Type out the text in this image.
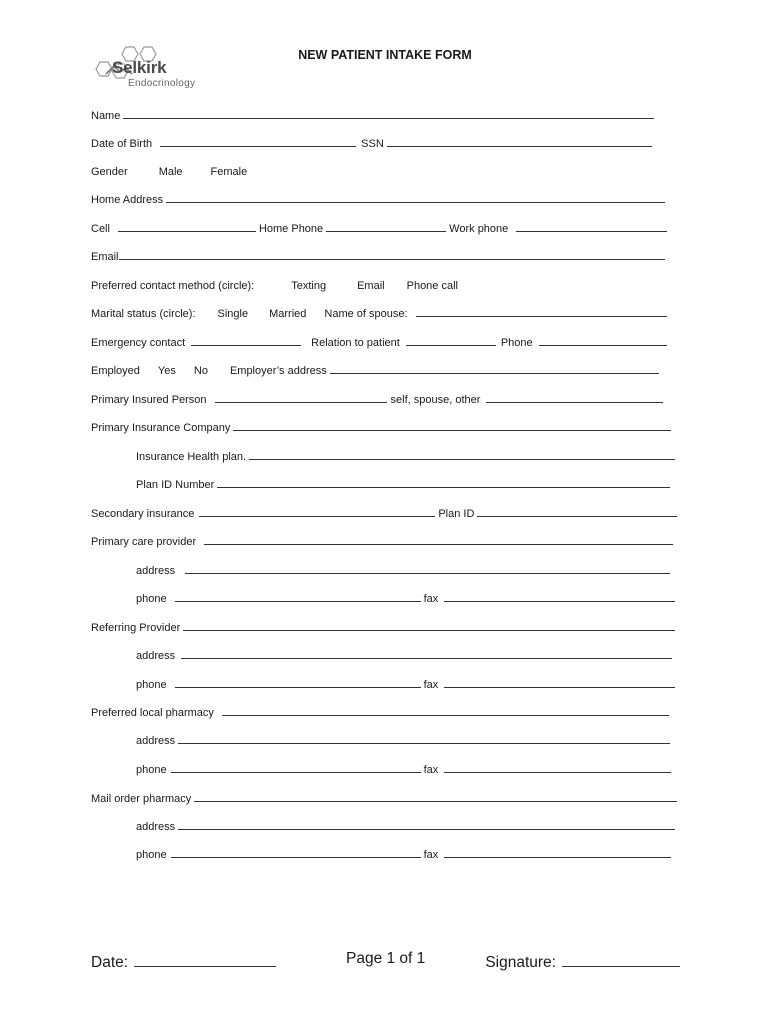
Selkirk
Endocrinology
NEW PATIENT INTAKE FORM
Name
Date of Birth	SSN
Gender	Male	Female
Home Address
Cell	Home Phone	Work phone
Email
Preferred contact method (circle):	Texting	Email Phone call
Marital status (circle): Single Married Name of spouse:
Emergency contact	Relation to patient	Phone
Employed Yes No Employer’s address
Primary Insured Person	self, spouse, other
Primary Insurance Company
Insurance Health plan.
Plan ID Number
Secondary insurance	Plan ID
Primary care provider
address
phone	fax
Referring Provider
address
phone	fax
Preferred local pharmacy
address
phone	fax
Mail order pharmacy
address
phone	fax
Date:	Page 1 of 1	Signature:
